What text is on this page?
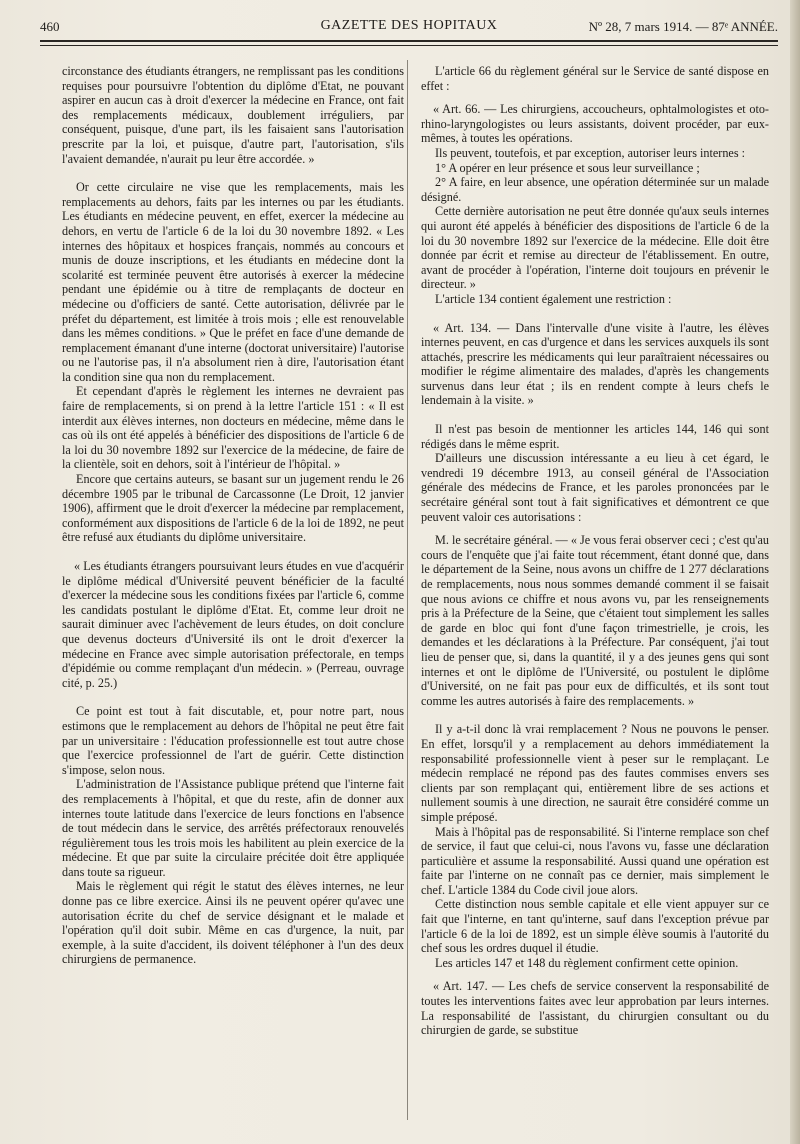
460	GAZETTE DES HOPITAUX	Nº 28, 7 mars 1914. — 87ᵉ ANNÉE.

circonstance des étudiants étrangers, ne remplissant pas les conditions requises pour poursuivre l'obtention du diplôme d'Etat, ne pouvant aspirer en aucun cas à droit d'exercer la médecine en France, ont fait des remplacements médicaux, doublement irréguliers, par conséquent, puisque, d'une part, ils les faisaient sans l'autorisation prescrite par la loi, et puisque, d'autre part, l'autorisation, s'ils l'avaient demandée, n'aurait pu leur être accordée. »

Or cette circulaire ne vise que les remplacements, mais les remplacements au dehors, faits par les internes ou par les étudiants. Les étudiants en médecine peuvent, en effet, exercer la médecine au dehors, en vertu de l'article 6 de la loi du 30 novembre 1892. « Les internes des hôpitaux et hospices français, nommés au concours et munis de douze inscriptions, et les étudiants en médecine dont la scolarité est terminée peuvent être autorisés à exercer la médecine pendant une épidémie ou à titre de remplaçants de docteur en médecine ou d'officiers de santé. Cette autorisation, délivrée par le préfet du département, est limitée à trois mois ; elle est renouvelable dans les mêmes conditions. » Que le préfet en face d'une demande de remplacement émanant d'une interne (doctorat universitaire) l'autorise ou ne l'autorise pas, il n'a absolument rien à dire, l'autorisation étant la condition sine qua non du remplacement.

Et cependant d'après le règlement les internes ne devraient pas faire de remplacements, si on prend à la lettre l'article 151 : « Il est interdit aux élèves internes, non docteurs en médecine, même dans le cas où ils ont été appelés à bénéficier des dispositions de l'article 6 de la loi du 30 novembre 1892 sur l'exercice de la médecine, de faire de la clientèle, soit en dehors, soit à l'intérieur de l'hôpital. »

Encore que certains auteurs, se basant sur un jugement rendu le 26 décembre 1905 par le tribunal de Carcassonne (Le Droit, 12 janvier 1906), affirment que le droit d'exercer la médecine par remplacement, conformément aux dispositions de l'article 6 de la loi de 1892, ne peut être refusé aux étudiants du diplôme universitaire.

« Les étudiants étrangers poursuivant leurs études en vue d'acquérir le diplôme médical d'Université peuvent bénéficier de la faculté d'exercer la médecine sous les conditions fixées par l'article 6, comme les candidats postulant le diplôme d'Etat. Et, comme leur droit ne saurait diminuer avec l'achèvement de leurs études, on doit conclure que devenus docteurs d'Université ils ont le droit d'exercer la médecine en France avec simple autorisation préfectorale, en temps d'épidémie ou comme remplaçant d'un médecin. » (Perreau, ouvrage cité, p. 25.)

Ce point est tout à fait discutable, et, pour notre part, nous estimons que le remplacement au dehors de l'hôpital ne peut être fait par un universitaire : l'éducation professionnelle est tout autre chose que l'exercice professionnel de l'art de guérir. Cette distinction s'impose, selon nous.

L'administration de l'Assistance publique prétend que l'interne fait des remplacements à l'hôpital, et que du reste, afin de donner aux internes toute latitude dans l'exercice de leurs fonctions en l'absence de tout médecin dans le service, des arrêtés préfectoraux renouvelés régulièrement tous les trois mois les habilitent au plein exercice de la médecine. Et que par suite la circulaire précitée doit être appliquée dans toute sa rigueur.

Mais le règlement qui régit le statut des élèves internes, ne leur donne pas ce libre exercice. Ainsi ils ne peuvent opérer qu'avec une autorisation écrite du chef de service désignant et le malade et l'opération qu'il doit subir. Même en cas d'urgence, la nuit, par exemple, à la suite d'accident, ils doivent téléphoner à l'un des deux chirurgiens de permanence.

L'article 66 du règlement général sur le Service de santé dispose en effet :

« Art. 66. — Les chirurgiens, accoucheurs, ophtalmologistes et oto-rhino-laryngologistes ou leurs assistants, doivent procéder, par eux-mêmes, à toutes les opérations.

Ils peuvent, toutefois, et par exception, autoriser leurs internes :

1° A opérer en leur présence et sous leur surveillance ;

2° A faire, en leur absence, une opération déterminée sur un malade désigné.

Cette dernière autorisation ne peut être donnée qu'aux seuls internes qui auront été appelés à bénéficier des dispositions de l'article 6 de la loi du 30 novembre 1892 sur l'exercice de la médecine. Elle doit être donnée par écrit et remise au directeur de l'établissement. En outre, avant de procéder à l'opération, l'interne doit toujours en prévenir le directeur. »

L'article 134 contient également une restriction :

« Art. 134. — Dans l'intervalle d'une visite à l'autre, les élèves internes peuvent, en cas d'urgence et dans les services auxquels ils sont attachés, prescrire les médicaments qui leur paraîtraient nécessaires ou modifier le régime alimentaire des malades, d'après les changements survenus dans leur état ; ils en rendent compte à leurs chefs le lendemain à la visite. »

Il n'est pas besoin de mentionner les articles 144, 146 qui sont rédigés dans le même esprit.

D'ailleurs une discussion intéressante a eu lieu à cet égard, le vendredi 19 décembre 1913, au conseil général de l'Association générale des médecins de France, et les paroles prononcées par le secrétaire général sont tout à fait significatives et démontrent ce que peuvent valoir ces autorisations :

M. le secrétaire général. — « Je vous ferai observer ceci ; c'est qu'au cours de l'enquête que j'ai faite tout récemment, étant donné que, dans le département de la Seine, nous avons un chiffre de 1 277 déclarations de remplacements, nous nous sommes demandé comment il se faisait que nous avions ce chiffre et nous avons vu, par les renseignements pris à la Préfecture de la Seine, que c'étaient tout simplement les salles de garde en bloc qui font d'une façon trimestrielle, je crois, les demandes et les déclarations à la Préfecture. Par conséquent, j'ai tout lieu de penser que, si, dans la quantité, il y a des jeunes gens qui sont internes et ont le diplôme de l'Université, ou postulent le diplôme d'Université, on ne fait pas pour eux de difficultés, et ils sont tout comme les autres autorisés à faire des remplacements. »

Il y a-t-il donc là vrai remplacement ? Nous ne pouvons le penser. En effet, lorsqu'il y a remplacement au dehors immédiatement la responsabilité professionnelle vient à peser sur le remplaçant. Le médecin remplacé ne répond pas des fautes commises envers ses clients par son remplaçant qui, entièrement libre de ses actions et nullement soumis à une direction, ne saurait être considéré comme un simple préposé.

Mais à l'hôpital pas de responsabilité. Si l'interne remplace son chef de service, il faut que celui-ci, nous l'avons vu, fasse une déclaration particulière et assume la responsabilité. Aussi quand une opération est faite par l'interne on ne connaît pas ce dernier, mais simplement le chef. L'article 1384 du Code civil joue alors.

Cette distinction nous semble capitale et elle vient appuyer sur ce fait que l'interne, en tant qu'interne, sauf dans l'exception prévue par l'article 6 de la loi de 1892, est un simple élève soumis à l'autorité du chef sous les ordres duquel il étudie.

Les articles 147 et 148 du règlement confirment cette opinion.

« Art. 147. — Les chefs de service conservent la responsabilité de toutes les interventions faites avec leur approbation par leurs internes. La responsabilité de l'assistant, du chirurgien consultant ou du chirurgien de garde, se substitue
